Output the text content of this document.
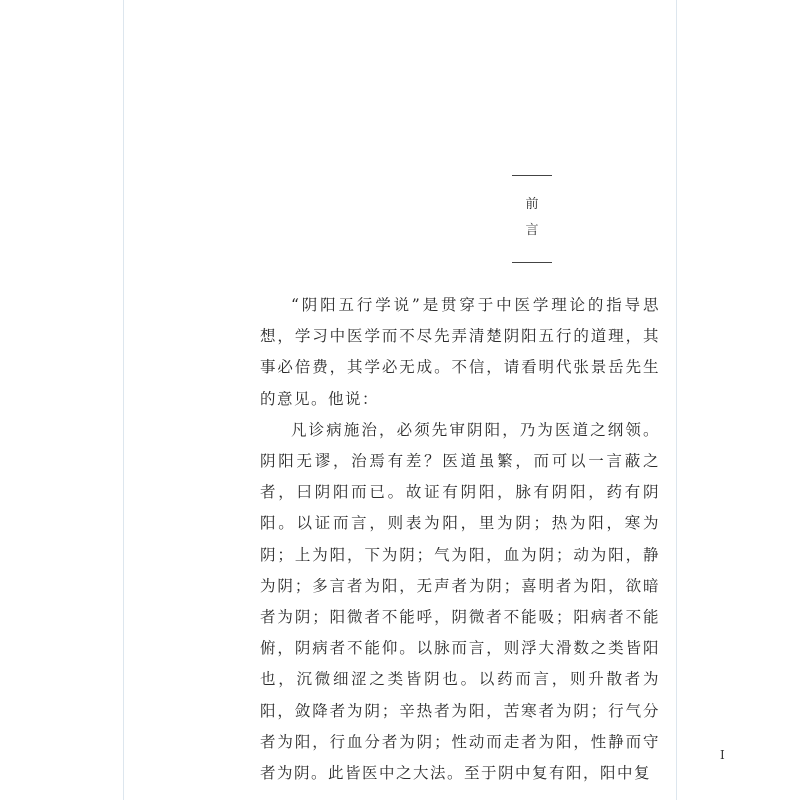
前
言

“阴阳五行学说”是贯穿于中医学理论的指导思想，学习中医学而不尽先弄清楚阴阳五行的道理，其事必倍费，其学必无成。不信，请看明代张景岳先生的意见。他说：

凡诊病施治，必须先审阴阳，乃为医道之纲领。阴阳无谬，治焉有差？医道虽繁，而可以一言蔽之者，曰阴阳而已。故证有阴阳，脉有阴阳，药有阴阳。以证而言，则表为阳，里为阴；热为阳，寒为阴；上为阳，下为阴；气为阳，血为阴；动为阳，静为阴；多言者为阳，无声者为阴；喜明者为阳，欲暗者为阴；阳微者不能呼，阴微者不能吸；阳病者不能俯，阴病者不能仰。以脉而言，则浮大滑数之类皆阳也，沉微细涩之类皆阴也。以药而言，则升散者为阳，敛降者为阴；辛热者为阳，苦寒者为阴；行气分者为阳，行血分者为阴；性动而走者为阳，性静而守者为阴。此皆医中之大法。至于阴中复有阳，阳中复

I
